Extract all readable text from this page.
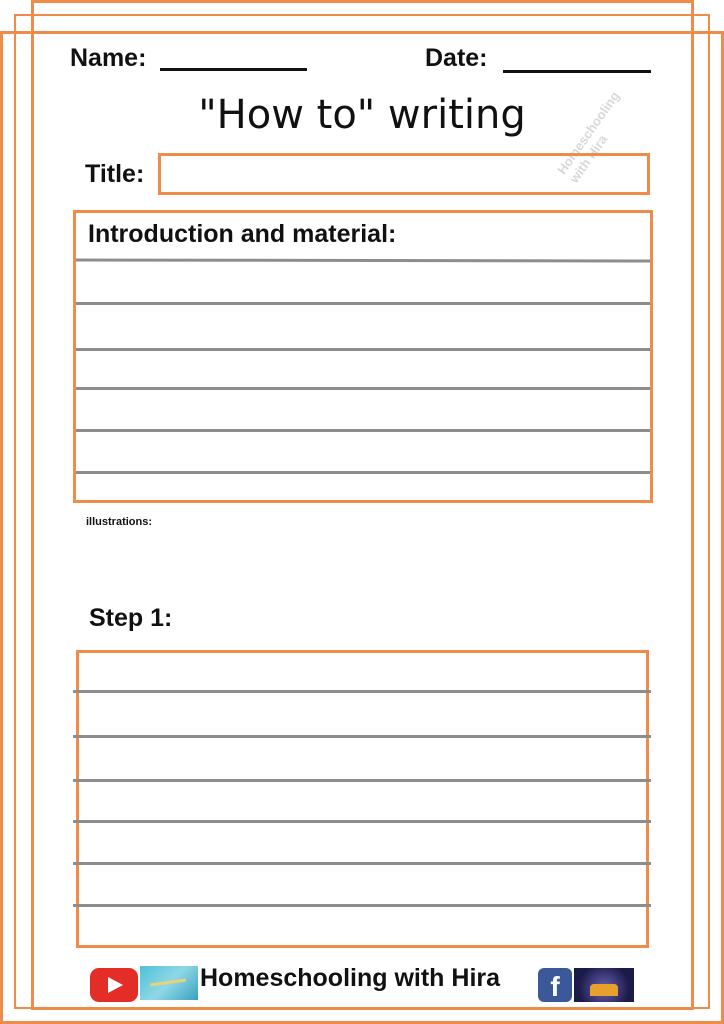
Name:	Date:
Homeschooling with Hira
"How to" writing
Title:
Introduction and material:
illustrations:
Step 1:
Homeschooling with Hira	f
